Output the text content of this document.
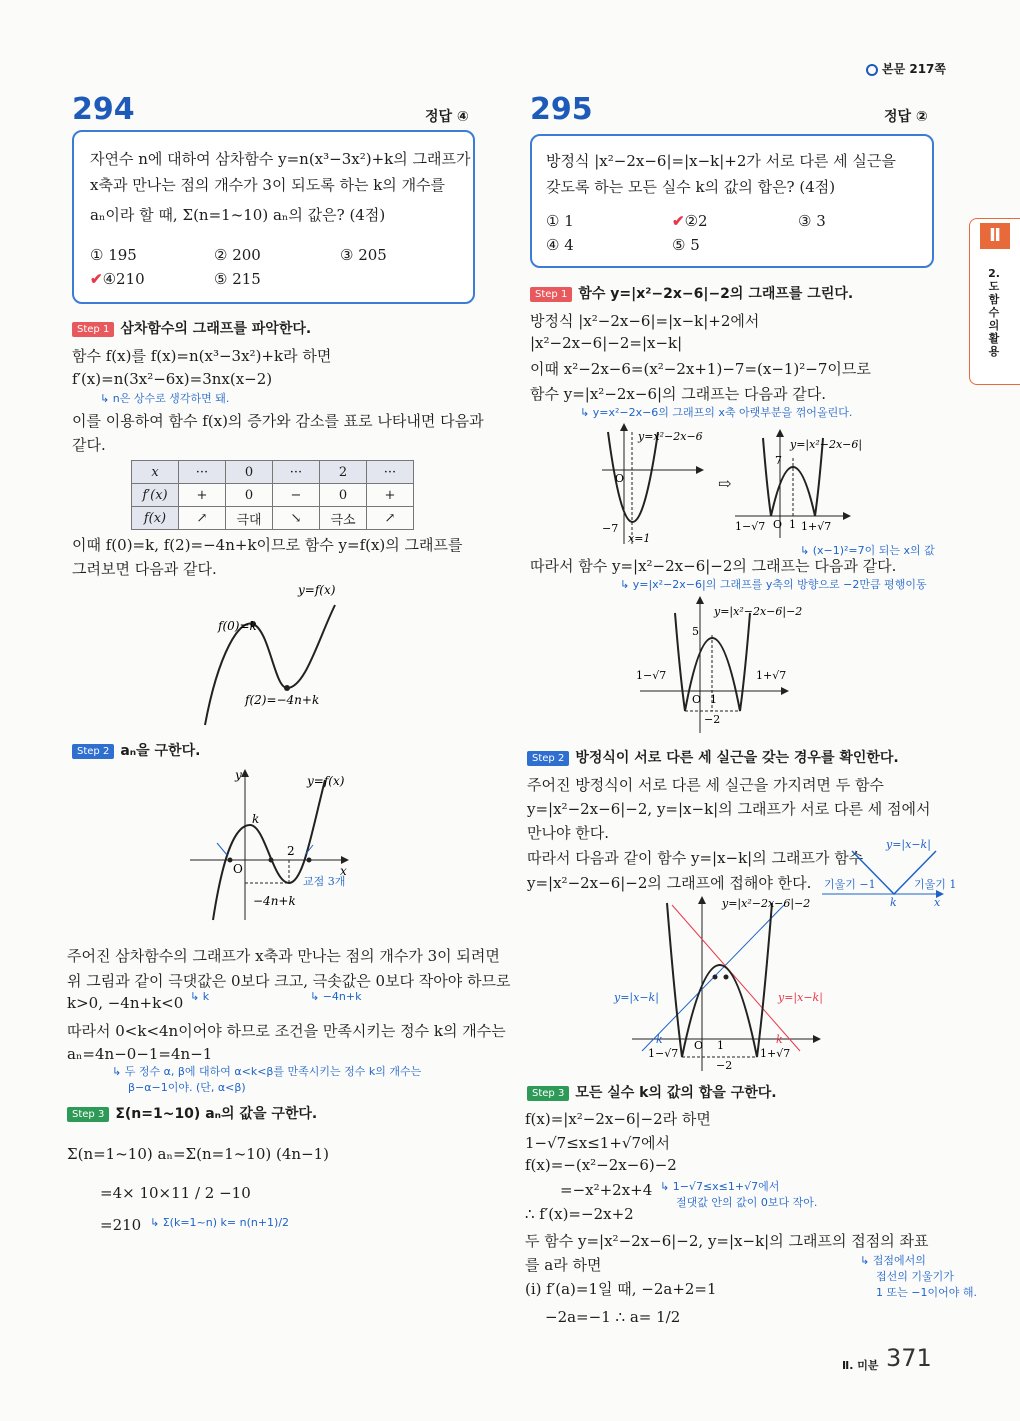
본문 217쪽
Ⅱ
2.
도
함
수
의
활
용
294	정답 ④
자연수 n에 대하여 삼차함수 y=n(x³−3x²)+k의 그래프가
x축과 만나는 점의 개수가 3이 되도록 하는 k의 개수를
aₙ이라 할 때, Σ(n=1~10) aₙ의 값은? (4점)
① 195	② 200	③ 205
✔④210	⑤ 215
Step 1 삼차함수의 그래프를 파악한다.
함수 f(x)를 f(x)=n(x³−3x²)+k라 하면
f′(x)=n(3x²−6x)=3nx(x−2)
↳ n은 상수로 생각하면 돼.
이를 이용하여 함수 f(x)의 증가와 감소를 표로 나타내면 다음과
같다.
x	···	0	···	2	···
f′(x)	+	0	−	0	+
f(x)	↗	극대	↘	극소	↗
이때 f(0)=k, f(2)=−4n+k이므로 함수 y=f(x)의 그래프를
그려보면 다음과 같다.
y=f(x)
f(0)=k
f(2)=−4n+k
Step 2 aₙ을 구한다.
y
x
O
k
2
−4n+k
y=f(x)
교점 3개
주어진 삼차함수의 그래프가 x축과 만나는 점의 개수가 3이 되려면
위 그림과 같이 극댓값은 0보다 크고, 극솟값은 0보다 작아야 하므로
k>0, −4n+k<0 ↳ k	↳ −4n+k
따라서 0<k<4n이어야 하므로 조건을 만족시키는 정수 k의 개수는
aₙ=4n−0−1=4n−1
↳ 두 정수 α, β에 대하여 α<k<β를 만족시키는 정수 k의 개수는
β−α−1이야. (단, α<β)
Step 3 Σ(n=1~10) aₙ의 값을 구한다.
Σ(n=1~10) aₙ=Σ(n=1~10) (4n−1)
=4× 10×11 / 2 −10
=210 ↳ Σ(k=1~n) k= n(n+1)/2
295	정답 ②
방정식 |x²−2x−6|=|x−k|+2가 서로 다른 세 실근을
갖도록 하는 모든 실수 k의 값의 합은? (4점)
① 1	✔②2	③ 3
④ 4	⑤ 5
Step 1 함수 y=|x²−2x−6|−2의 그래프를 그린다.
방정식 |x²−2x−6|=|x−k|+2에서
|x²−2x−6|−2=|x−k|
이때 x²−2x−6=(x²−2x+1)−7=(x−1)²−7이므로
함수 y=|x²−2x−6|의 그래프는 다음과 같다.
↳ y=x²−2x−6의 그래프의 x축 아랫부분을 꺾어올린다.
y=x²−2x−6
O
−7
x=1
⇨
y=|x²−2x−6|
7
1−√7 O 1 1+√7
↳ (x−1)²=7이 되는 x의 값
따라서 함수 y=|x²−2x−6|−2의 그래프는 다음과 같다.
↳ y=|x²−2x−6|의 그래프를 y축의 방향으로 −2만큼 평행이동
y=|x²−2x−6|−2
5
1−√7	1+√7
O 1
−2
Step 2 방정식이 서로 다른 세 실근을 갖는 경우를 확인한다.
주어진 방정식이 서로 다른 세 실근을 가지려면 두 함수
y=|x²−2x−6|−2, y=|x−k|의 그래프가 서로 다른 세 점에서
만나야 한다.
따라서 다음과 같이 함수 y=|x−k|의 그래프가 함수
y=|x²−2x−6|−2의 그래프에 접해야 한다.
y=|x−k|
기울기 −1	기울기 1
k	x
y=|x²−2x−6|−2
y=|x−k|	y=|x−k|
k	k
1−√7	1+√7
O 1
−2
Step 3 모든 실수 k의 값의 합을 구한다.
f(x)=|x²−2x−6|−2라 하면
1−√7≤x≤1+√7에서
f(x)=−(x²−2x−6)−2
=−x²+2x+4 ↳ 1−√7≤x≤1+√7에서
절댓값 안의 값이 0보다 작아.
∴ f′(x)=−2x+2
두 함수 y=|x²−2x−6|−2, y=|x−k|의 그래프의 접점의 좌표
를 a라 하면	↳ 접점에서의
접선의 기울기가
1 또는 −1이어야 해.
(i) f′(a)=1일 때, −2a+2=1
−2a=−1 ∴ a= 1/2
Ⅱ. 미분 371
